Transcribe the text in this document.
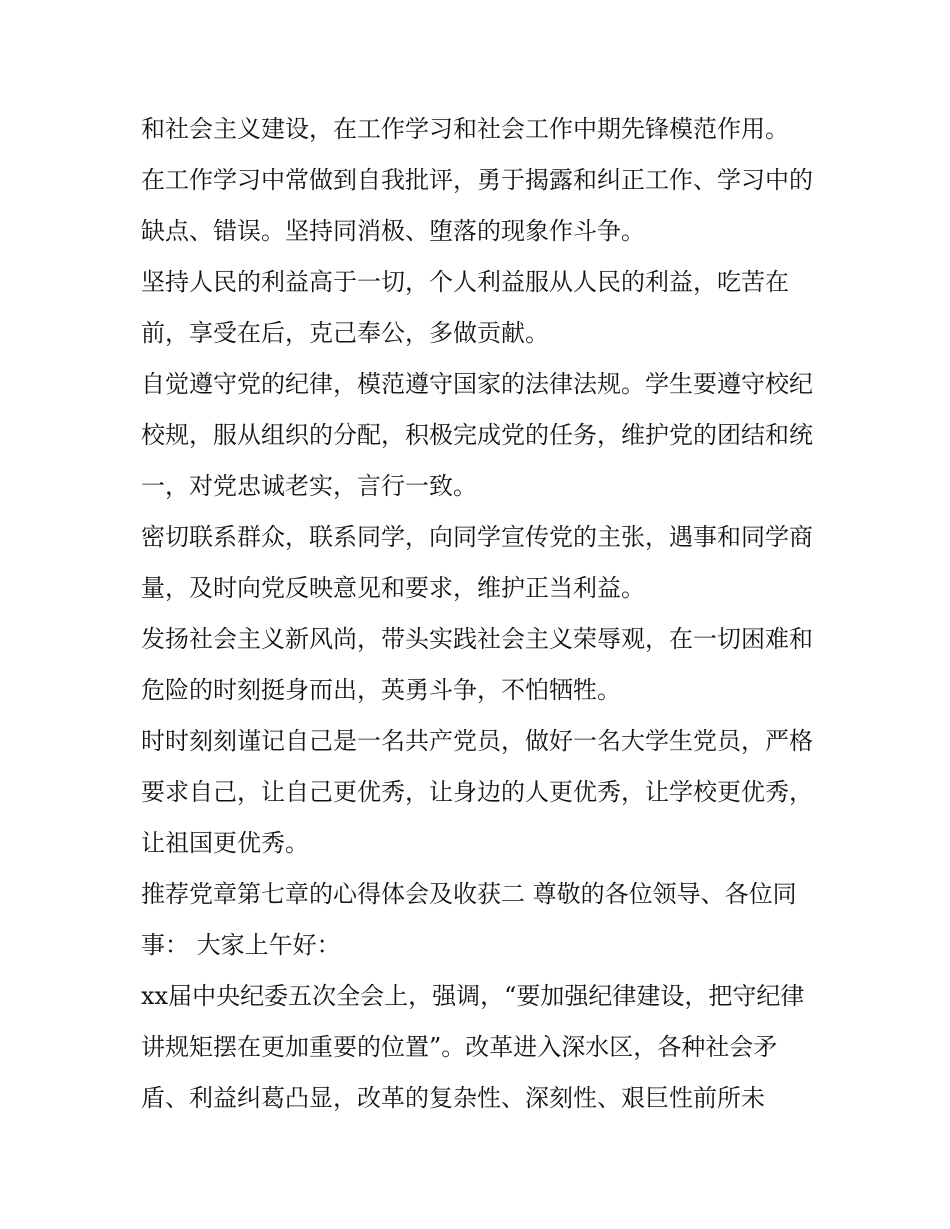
和社会主义建设，在工作学习和社会工作中期先锋模范作用。

在工作学习中常做到自我批评，勇于揭露和纠正工作、学习中的缺点、错误。坚持同消极、堕落的现象作斗争。

坚持人民的利益高于一切，个人利益服从人民的利益，吃苦在前，享受在后，克己奉公，多做贡献。

自觉遵守党的纪律，模范遵守国家的法律法规。学生要遵守校纪校规，服从组织的分配，积极完成党的任务，维护党的团结和统一，对党忠诚老实，言行一致。

密切联系群众，联系同学，向同学宣传党的主张，遇事和同学商量，及时向党反映意见和要求，维护正当利益。

发扬社会主义新风尚，带头实践社会主义荣辱观，在一切困难和危险的时刻挺身而出，英勇斗争，不怕牺牲。

时时刻刻谨记自己是一名共产党员，做好一名大学生党员，严格要求自己，让自己更优秀，让身边的人更优秀，让学校更优秀，让祖国更优秀。

推荐党章第七章的心得体会及收获二 尊敬的各位领导、各位同事： 大家上午好：

xx届中央纪委五次全会上，强调，“要加强纪律建设，把守纪律讲规矩摆在更加重要的位置”。改革进入深水区，各种社会矛盾、利益纠葛凸显，改革的复杂性、深刻性、艰巨性前所未
